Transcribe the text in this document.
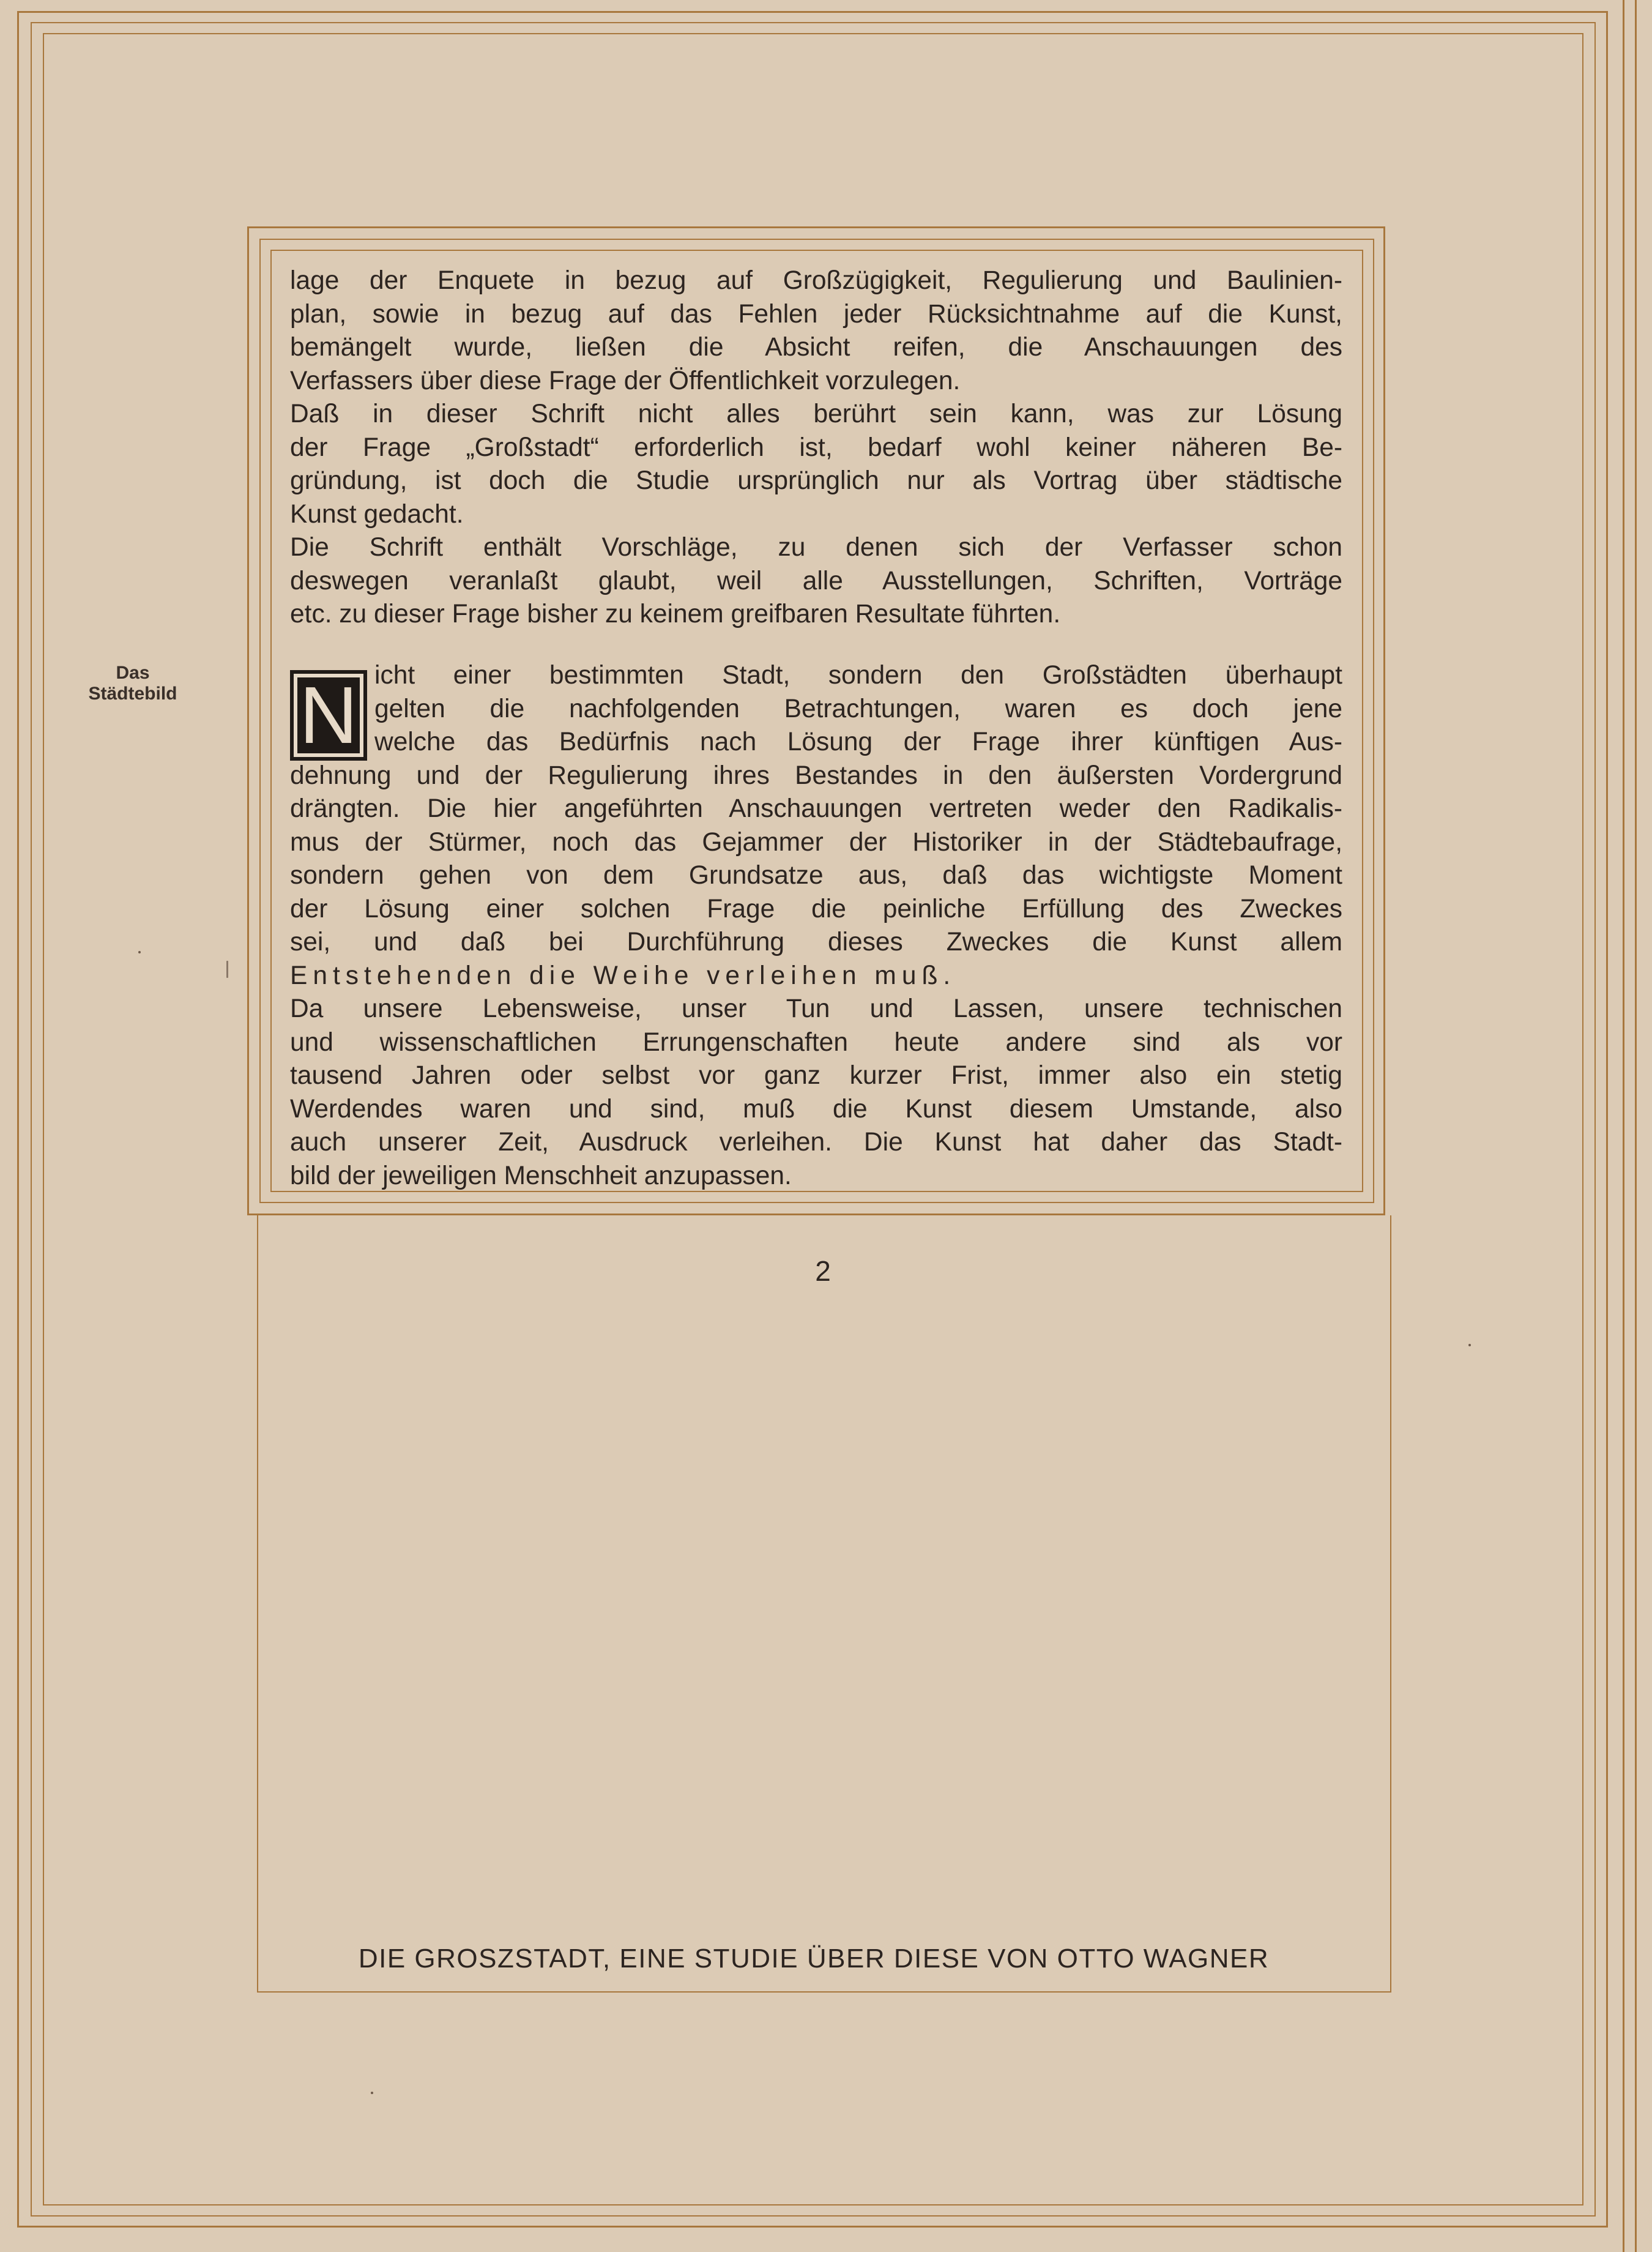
Das
Städtebild
lage der Enquete in bezug auf Großzügigkeit, Regulierung und Baulinien-
plan, sowie in bezug auf das Fehlen jeder Rücksichtnahme auf die Kunst,
bemängelt wurde, ließen die Absicht reifen, die Anschauungen des
Verfassers über diese Frage der Öffentlichkeit vorzulegen.
Daß in dieser Schrift nicht alles berührt sein kann, was zur Lösung
der Frage „Großstadt“ erforderlich ist, bedarf wohl keiner näheren Be-
gründung, ist doch die Studie ursprünglich nur als Vortrag über städtische
Kunst gedacht.
Die Schrift enthält Vorschläge, zu denen sich der Verfasser schon
deswegen veranlaßt glaubt, weil alle Ausstellungen, Schriften, Vorträge
etc. zu dieser Frage bisher zu keinem greifbaren Resultate führten.
N icht einer bestimmten Stadt, sondern den Großstädten überhaupt
gelten die nachfolgenden Betrachtungen, waren es doch jene
welche das Bedürfnis nach Lösung der Frage ihrer künftigen Aus-
dehnung und der Regulierung ihres Bestandes in den äußersten Vordergrund
drängten. Die hier angeführten Anschauungen vertreten weder den Radikalis-
mus der Stürmer, noch das Gejammer der Historiker in der Städtebaufrage,
sondern gehen von dem Grundsatze aus, daß das wichtigste Moment
der Lösung einer solchen Frage die peinliche Erfüllung des Zweckes
sei, und daß bei Durchführung dieses Zweckes die Kunst allem
Entstehenden die Weihe verleihen muß.
Da unsere Lebensweise, unser Tun und Lassen, unsere technischen
und wissenschaftlichen Errungenschaften heute andere sind als vor
tausend Jahren oder selbst vor ganz kurzer Frist, immer also ein stetig
Werdendes waren und sind, muß die Kunst diesem Umstande, also
auch unserer Zeit, Ausdruck verleihen. Die Kunst hat daher das Stadt-
bild der jeweiligen Menschheit anzupassen.
2
DIE GROSZSTADT, EINE STUDIE ÜBER DIESE VON OTTO WAGNER
